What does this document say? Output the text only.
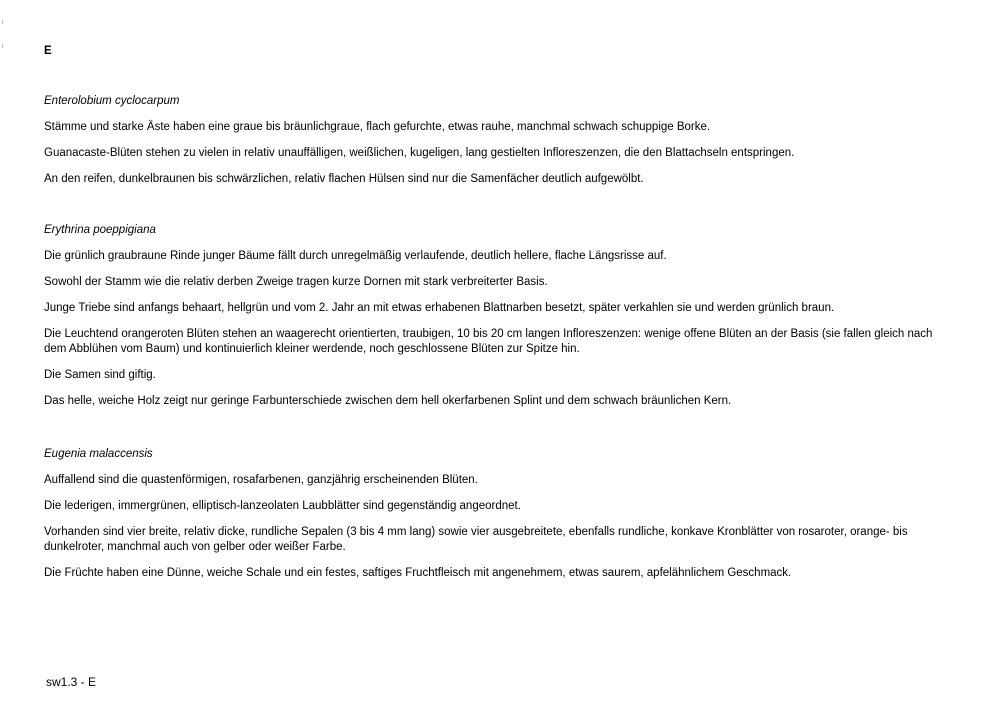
E

Enterolobium cyclocarpum

Stämme und starke Äste haben eine graue bis bräunlichgraue, flach gefurchte, etwas rauhe, manchmal schwach schuppige Borke.

Guanacaste-Blüten stehen zu vielen in relativ unauffälligen, weißlichen, kugeligen, lang gestielten Infloreszenzen, die den Blattachseln entspringen.

An den reifen, dunkelbraunen bis schwärzlichen, relativ flachen Hülsen sind nur die Samenfächer deutlich aufgewölbt.

Erythrina poeppigiana

Die grünlich graubraune Rinde junger Bäume fällt durch unregelmäßig verlaufende, deutlich hellere, flache Längsrisse auf.

Sowohl der Stamm wie die relativ derben Zweige tragen kurze Dornen mit stark verbreiterter Basis.

Junge Triebe sind anfangs behaart, hellgrün und vom 2. Jahr an mit etwas erhabenen Blattnarben besetzt, später verkahlen sie und werden grünlich braun.

Die Leuchtend orangeroten Blüten stehen an waagerecht orientierten, traubigen, 10 bis 20 cm langen Infloreszenzen: wenige offene Blüten an der Basis (sie fallen gleich nach dem Abblühen vom Baum) und kontinuierlich kleiner werdende, noch geschlossene Blüten zur Spitze hin.

Die Samen sind giftig.

Das helle, weiche Holz zeigt nur geringe Farbunterschiede zwischen dem hell okerfarbenen Splint und dem schwach bräunlichen Kern.

Eugenia malaccensis

Auffallend sind die quastenförmigen, rosafarbenen, ganzjährig erscheinenden Blüten.

Die lederigen, immergrünen, elliptisch-lanzeolaten Laubblätter sind gegenständig angeordnet.

Vorhanden sind vier breite, relativ dicke, rundliche Sepalen (3 bis 4 mm lang) sowie vier ausgebreitete, ebenfalls rundliche, konkave Kronblätter von rosaroter, orange- bis dunkelroter, manchmal auch von gelber oder weißer Farbe.

Die Früchte haben eine Dünne, weiche Schale und ein festes, saftiges Fruchtfleisch mit angenehmem, etwas saurem, apfelähnlichem Geschmack.

sw1.3 - E
